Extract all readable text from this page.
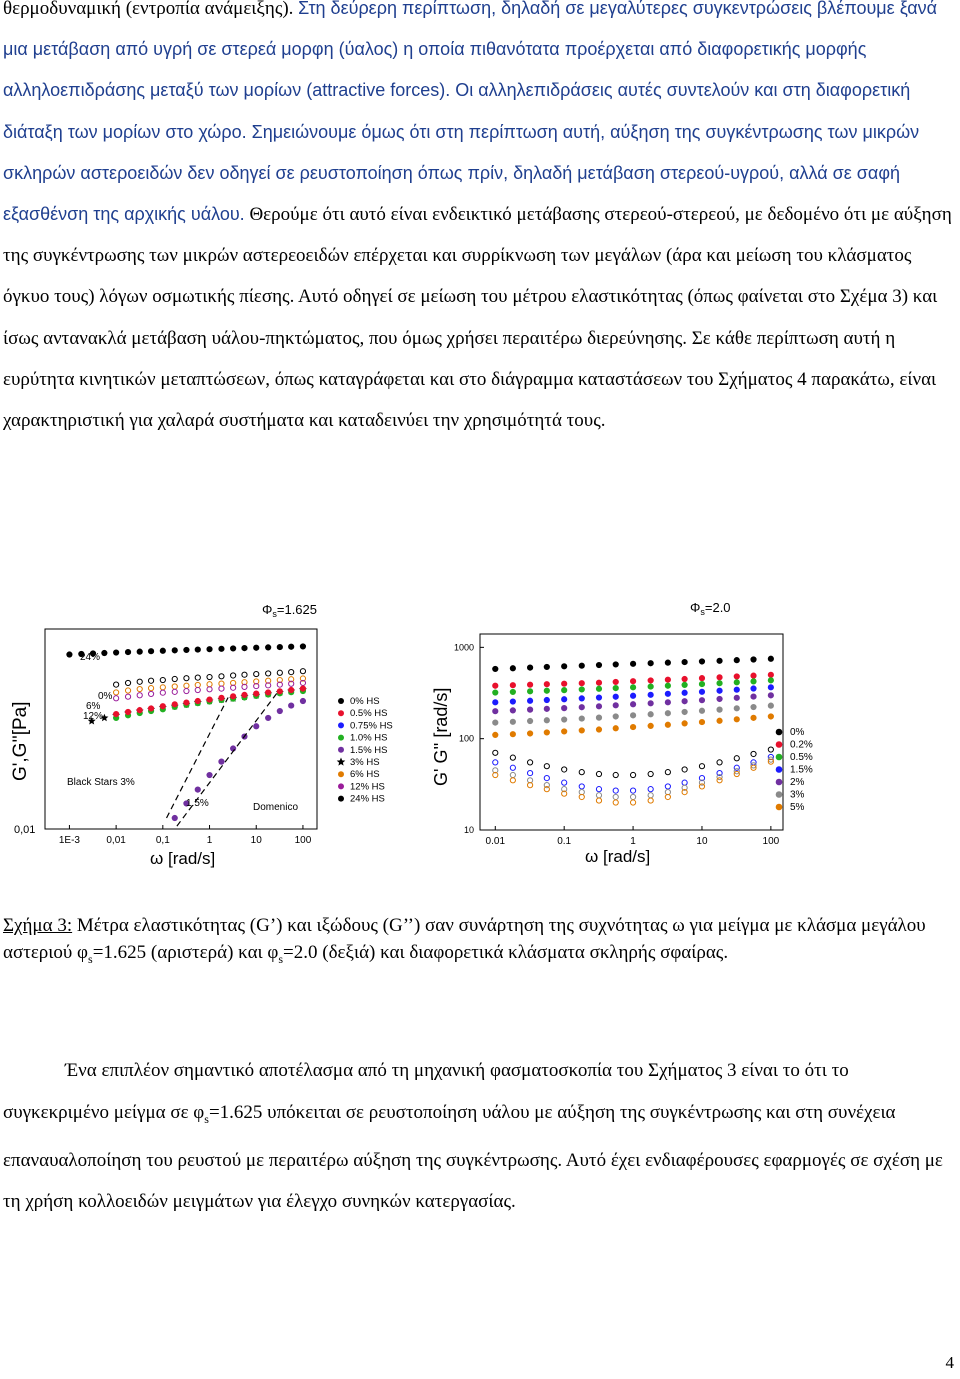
θερμοδυναμική (εντροπία ανάμειξης). Στη δεύρερη περίπτωση, δηλαδή σε μεγαλύτερες συγκεντρώσεις βλέπουμε ξανά μια μετάβαση από υγρή σε στερεά μορφη (ύαλος) η οποία πιθανότατα προέρχεται από διαφορετικής μορφής αλληλοεπιδράσης μεταξύ των μορίων (attractive forces). Οι αλληλεπιδράσεις αυτές συντελούν και στη διαφορετική διάταξη των μορίων στο χώρο. Σημειώνουμε όμως ότι στη περίπτωση αυτή, αύξηση της συγκέντρωσης των μικρών σκληρών αστεροειδών δεν οδηγεί σε ρευστοποίηση όπως πρίν, δηλαδή μετάβαση στερεού-υγρού, αλλά σε σαφή εξασθένση της αρχικής υάλου. Θερούμε ότι αυτό είναι ενδεικτικό μετάβασης στερεού-στερεού, με δεδομένο ότι με αύξηση της συγκέντρωσης των μικρών αστερεοειδών επέρχεται και συρρίκνωση των μεγάλων (άρα και μείωση του κλάσματος όγκυο τους) λόγων οσμωτικής πίεσης. Αυτό οδηγεί σε μείωση του μέτρου ελαστικότητας (όπως φαίνεται στο Σχέμα 3) και ίσως αντανακλά μετάβαση υάλου-πηκτώματος, που όμως χρήσει περαιτέρω διερεύνησης. Σε κάθε περίπτωση αυτή η ευρύτητα κινητικών μεταπτώσεων, όπως καταγράφεται και στο διάγραμμα καταστάσεων του Σχήματος 4 παρακάτω, είναι χαρακτηριστική για χαλαρά συστήματα και καταδεινύει την χρησιμότητά τους.

$\Phi_s=1.625$
G',G''[Pa]
ω [rad/s]
1E-3	0,01	0,1	1	10	100
0,01
24%
0%
6%
12%
Black Stars 3%
1.5%	Domenico
0% HS
0.5% HS
0.75% HS
1.0% HS
1.5% HS
3% HS
6% HS
12% HS
24% HS
$\Phi_s=2.0$
G' G'' [rad/s]
ω [rad/s]
0.01	0.1	1	10	100
10
100
1000
0%
0.2%
0.5%
1.5%
2%
3%
5%

Σχήμα 3: Μέτρα ελαστικότητας (G’) και ιξώδους (G’’) σαν συνάρτηση της συχνότητας ω για μείγμα με κλάσμα μεγάλου αστεριού $\varphi_s=1.625$ (αριστερά) και $\varphi_s=2.0$ (δεξιά) και διαφορετικά κλάσματα σκληρής σφαίρας.

Ένα επιπλέον σημαντικό αποτέλασμα από τη μηχανική φασματοσκοπία του Σχήματος 3 είναι το ότι το συγκεκριμένο μείγμα σε $\varphi_s=1.625$ υπόκειται σε ρευστοποίηση υάλου με αύξηση της συγκέντρωσης και στη συνέχεια επαναυαλοποίηση του ρευστού με περαιτέρω αύξηση της συγκέντρωσης. Αυτό έχει ενδιαφέρουσες εφαρμογές σε σχέση με τη χρήση κολλοειδών μειγμάτων για έλεγχο συνηκών κατεργασίας.

4
